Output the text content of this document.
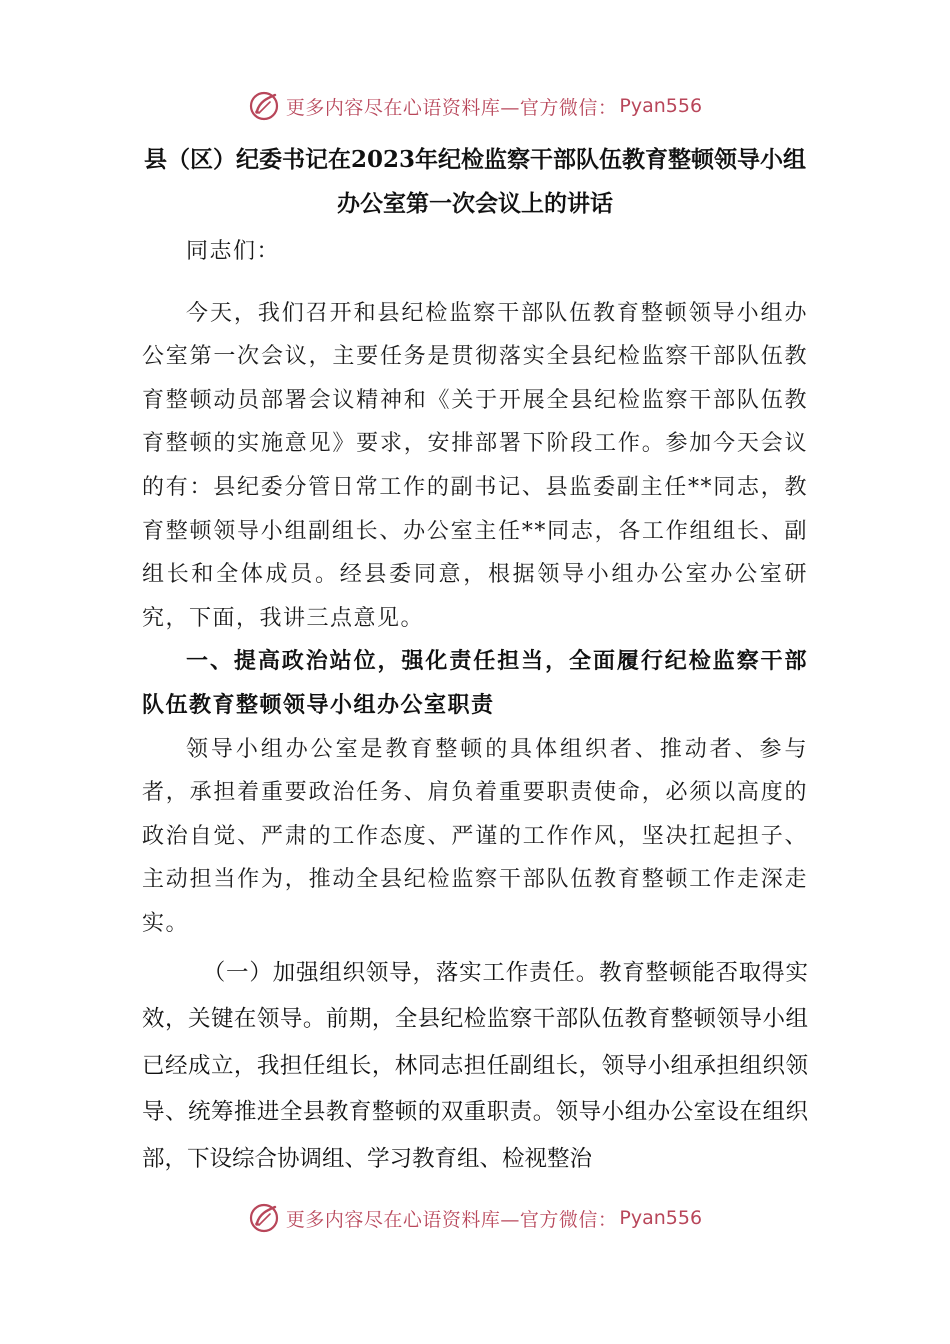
更多内容尽在心语资料库—官方微信： Pyan556
县（区）纪委书记在2023年纪检监察干部队伍教育整顿领导小组办公室第一次会议上的讲话

同志们：

今天，我们召开和县纪检监察干部队伍教育整顿领导小组办公室第一次会议，主要任务是贯彻落实全县纪检监察干部队伍教育整顿动员部署会议精神和《关于开展全县纪检监察干部队伍教育整顿的实施意见》要求，安排部署下阶段工作。参加今天会议的有：县纪委分管日常工作的副书记、县监委副主任**同志，教育整顿领导小组副组长、办公室主任**同志，各工作组组长、副组长和全体成员。经县委同意，根据领导小组办公室办公室研究，下面，我讲三点意见。

一、提高政治站位，强化责任担当，全面履行纪检监察干部队伍教育整顿领导小组办公室职责

领导小组办公室是教育整顿的具体组织者、推动者、参与者，承担着重要政治任务、肩负着重要职责使命，必须以高度的政治自觉、严肃的工作态度、严谨的工作作风，坚决扛起担子、主动担当作为，推动全县纪检监察干部队伍教育整顿工作走深走实。

（一）加强组织领导，落实工作责任。教育整顿能否取得实效，关键在领导。前期，全县纪检监察干部队伍教育整顿领导小组已经成立，我担任组长，林同志担任副组长，领导小组承担组织领导、统筹推进全县教育整顿的双重职责。领导小组办公室设在组织部，下设综合协调组、学习教育组、检视整治

更多内容尽在心语资料库—官方微信： Pyan556
